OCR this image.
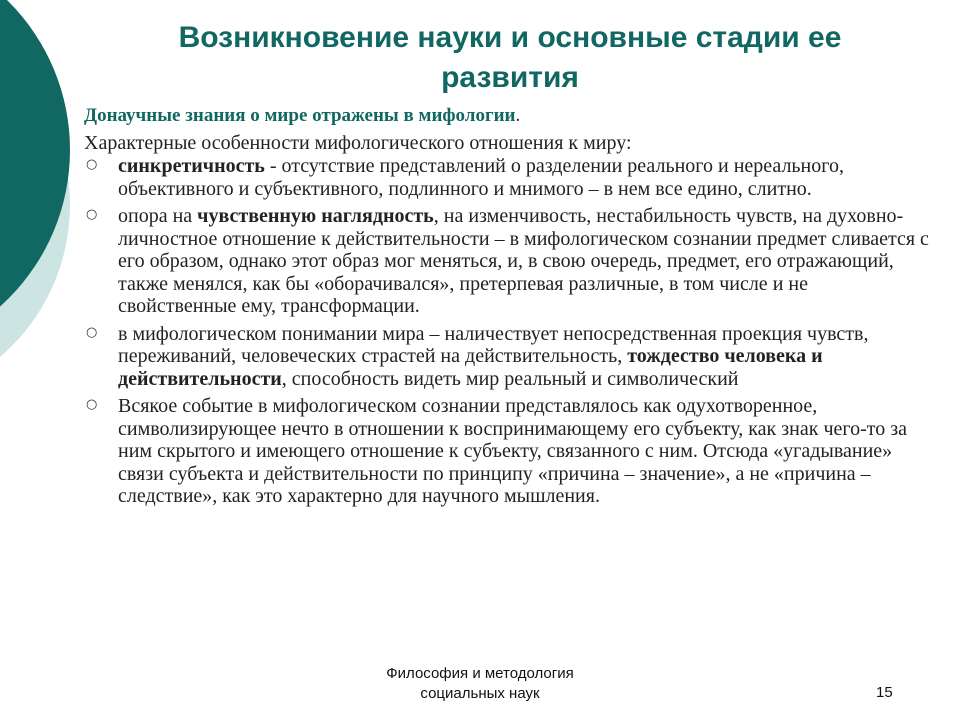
Возникновение науки и основные стадии ее
развития
Донаучные знания о мире отражены в мифологии.
Характерные особенности мифологического отношения к миру:
○ синкретичность - отсутствие представлений о разделении реального и нереального, объективного и субъективного, подлинного и мнимого – в нем все едино, слитно.
○ опора на чувственную наглядность, на изменчивость, нестабильность чувств, на духовно-личностное отношение к действительности – в мифологическом сознании предмет сливается с его образом, однако этот образ мог меняться, и, в свою очередь, предмет, его отражающий, также менялся, как бы «оборачивался», претерпевая различные, в том числе и не свойственные ему, трансформации.
○ в мифологическом понимании мира – наличествует непосредственная проекция чувств, переживаний, человеческих страстей на действительность, тождество человека и действительности, способность видеть мир реальный и символический
○ Всякое событие в мифологическом сознании представлялось как одухотворенное, символизирующее нечто в отношении к воспринимающему его субъекту, как знак чего-то за ним скрытого и имеющего отношение к субъекту, связанного с ним. Отсюда «угадывание» связи субъекта и действительности по принципу «причина – значение», а не «причина – следствие», как это характерно для научного мышления.
Философия и методология
социальных наук	15
